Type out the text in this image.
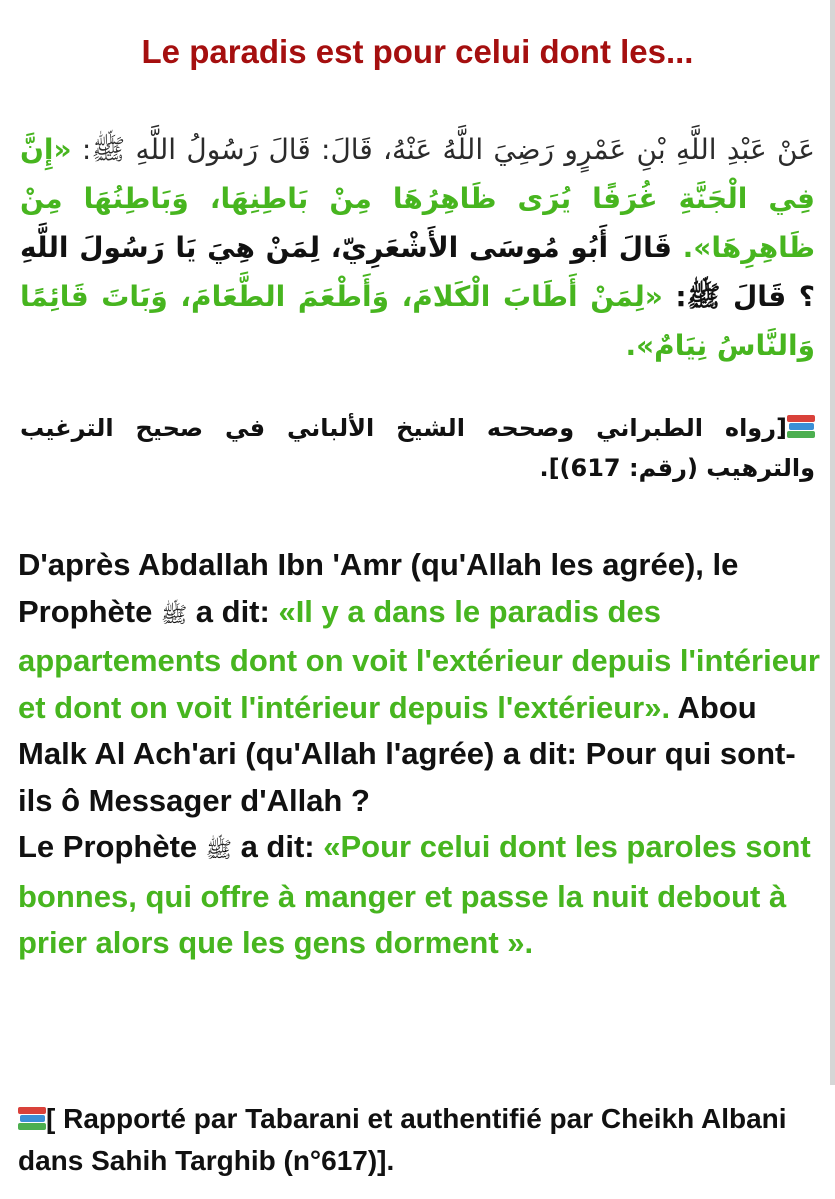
Le paradis est pour celui dont les...
عَنْ عَبْدِ اللَّهِ بْنِ عَمْرٍو رَضِيَ اللَّهُ عَنْهُ، قَالَ: قَالَ رَسُولُ اللَّهِ ﷺ: «إِنَّ فِي الْجَنَّةِ غُرَفًا يُرَى ظَاهِرُهَا مِنْ بَاطِنِهَا، وَبَاطِنُهَا مِنْ ظَاهِرِهَا». قَالَ أَبُو مُوسَى الأَشْعَرِيّ، لِمَنْ هِيَ يَا رَسُولَ اللَّهِ ؟ قَالَ ﷺ: «لِمَنْ أَطَابَ الْكَلامَ، وَأَطْعَمَ الطَّعَامَ، وَبَاتَ قَائِمًا وَالنَّاسُ نِيَامٌ».
[رواه الطبراني وصححه الشيخ الألباني في صحيح الترغيب والترهيب (رقم: 617)].
D'après Abdallah Ibn 'Amr (qu'Allah les agrée), le Prophète ﷺ a dit: «Il y a dans le paradis des appartements dont on voit l'extérieur depuis l'intérieur et dont on voit l'intérieur depuis l'extérieur». Abou Malk Al Ach'ari (qu'Allah l'agrée) a dit: Pour qui sont-ils ô Messager d'Allah ?
Le Prophète ﷺ a dit: «Pour celui dont les paroles sont bonnes, qui offre à manger et passe la nuit debout à prier alors que les gens dorment ».
[ Rapporté par Tabarani et authentifié par Cheikh Albani dans Sahih Targhib (n°617)].
